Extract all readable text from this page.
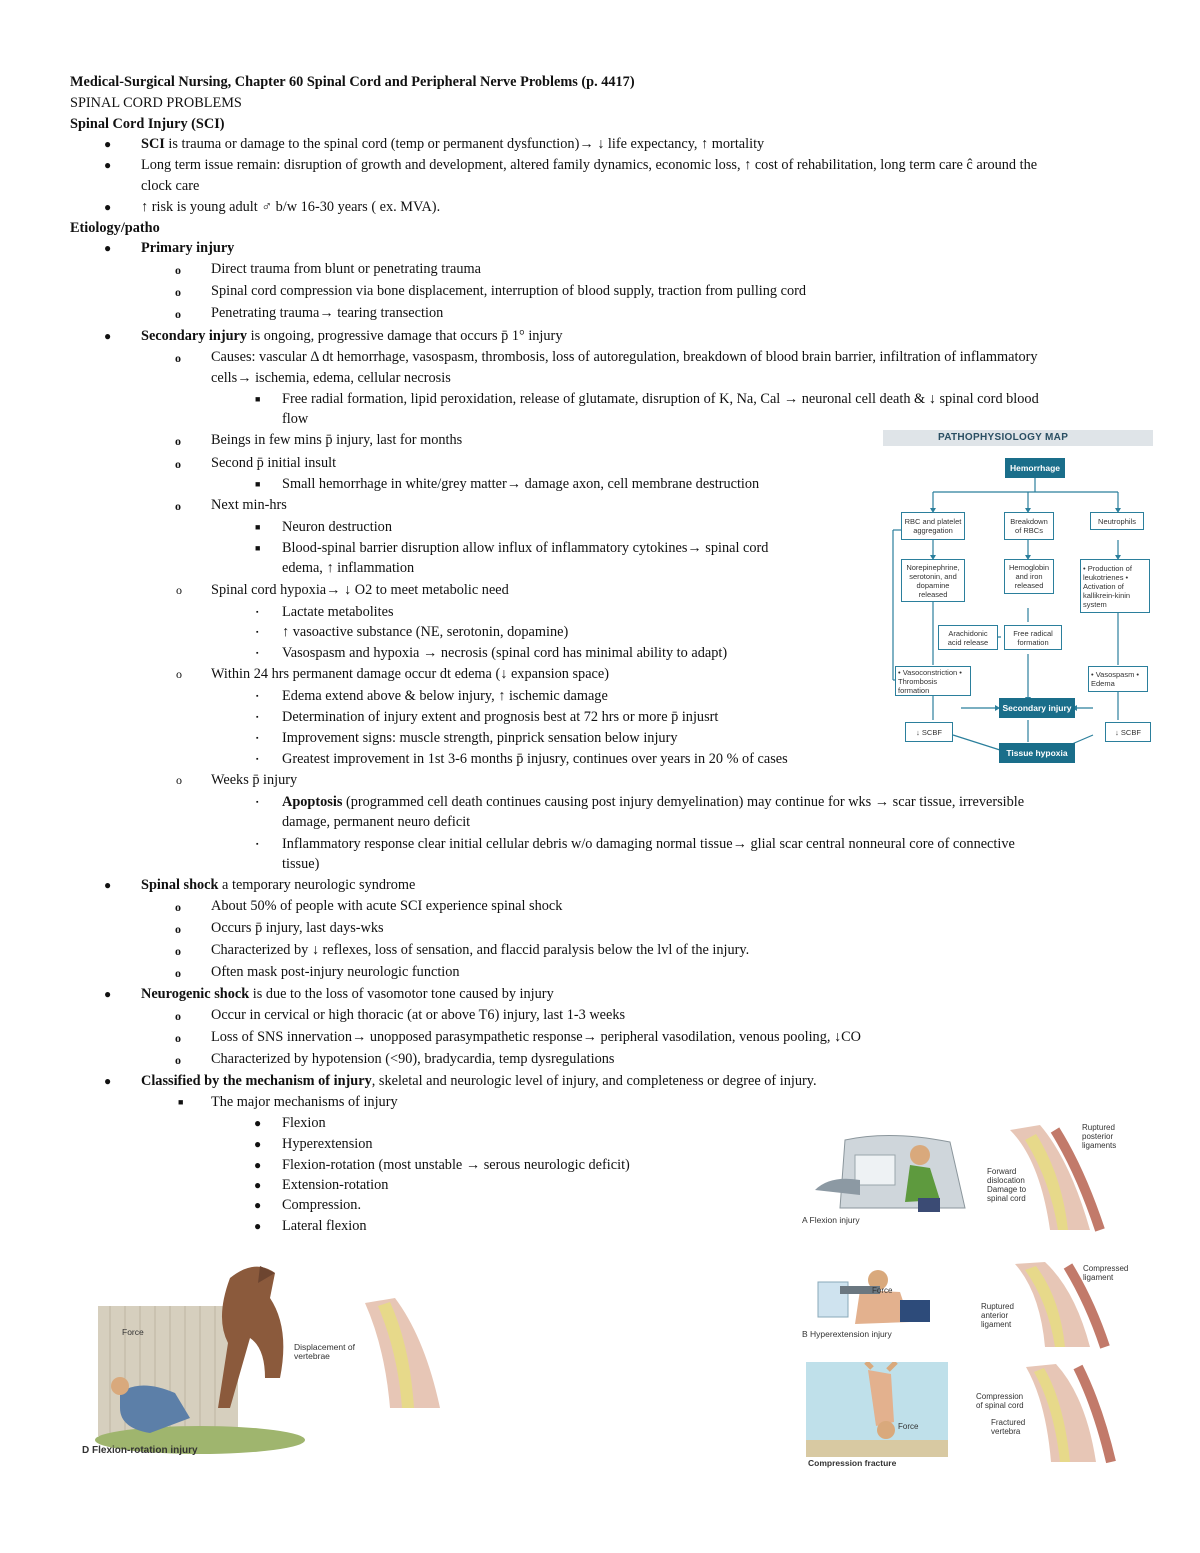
Medical-Surgical Nursing, Chapter 60 Spinal Cord and Peripheral Nerve Problems (p. 4417)
SPINAL CORD PROBLEMS
Spinal Cord Injury (SCI)
● SCI is trauma or damage to the spinal cord (temp or permanent dysfunction)→ ↓ life expectancy, ↑ mortality
● Long term issue remain: disruption of growth and development, altered family dynamics, economic loss, ↑ cost of rehabilitation, long term care ĉ around the
clock care
● ↑ risk is young adult ♂ b/w 16-30 years ( ex. MVA).
Etiology/patho
● Primary injury
o Direct trauma from blunt or penetrating trauma
o Spinal cord compression via bone displacement, interruption of blood supply, traction from pulling cord
o Penetrating trauma→ tearing transection
● Secondary injury is ongoing, progressive damage that occurs p̄ 1° injury
o Causes: vascular Δ dt hemorrhage, vasospasm, thrombosis, loss of autoregulation, breakdown of blood brain barrier, infiltration of inflammatory
cells→ ischemia, edema, cellular necrosis
■ Free radial formation, lipid peroxidation, release of glutamate, disruption of K, Na, Cal → neuronal cell death & ↓ spinal cord blood
flow
o Beings in few mins p̄ injury, last for months
o Second p̄ initial insult
■ Small hemorrhage in white/grey matter→ damage axon, cell membrane destruction
o Next min-hrs
■ Neuron destruction
■ Blood-spinal barrier disruption allow influx of inflammatory cytokines→ spinal cord
edema, ↑ inflammation
o Spinal cord hypoxia→ ↓ O2 to meet metabolic need
▪ Lactate metabolites
▪ ↑ vasoactive substance (NE, serotonin, dopamine)
▪ Vasospasm and hypoxia → necrosis (spinal cord has minimal ability to adapt)
o Within 24 hrs permanent damage occur dt edema (↓ expansion space)
▪ Edema extend above & below injury, ↑ ischemic damage
▪ Determination of injury extent and prognosis best at 72 hrs or more p̄ injusrt
▪ Improvement signs: muscle strength, pinprick sensation below injury
▪ Greatest improvement in 1st 3-6 months p̄ injusry, continues over years in 20 % of cases
o Weeks p̄ injury
▪ Apoptosis (programmed cell death continues causing post injury demyelination) may continue for wks → scar tissue, irreversible
damage, permanent neuro deficit
▪ Inflammatory response clear initial cellular debris w/o damaging normal tissue→ glial scar central nonneural core of connective
tissue)
● Spinal shock a temporary neurologic syndrome
o About 50% of people with acute SCI experience spinal shock
o Occurs p̄ injury, last days-wks
o Characterized by ↓ reflexes, loss of sensation, and flaccid paralysis below the lvl of the injury.
o Often mask post-injury neurologic function
● Neurogenic shock is due to the loss of vasomotor tone caused by injury
o Occur in cervical or high thoracic (at or above T6) injury, last 1-3 weeks
o Loss of SNS innervation→ unopposed parasympathetic response→ peripheral vasodilation, venous pooling, ↓CO
o Characterized by hypotension (<90), bradycardia, temp dysregulations
● Classified by the mechanism of injury, skeletal and neurologic level of injury, and completeness or degree of injury.
■ The major mechanisms of injury
● Flexion
● Hyperextension
● Flexion-rotation (most unstable → serous neurologic deficit)
● Extension-rotation
● Compression.
● Lateral flexion
PATHOPHYSIOLOGY MAP
Hemorrhage
RBC and platelet aggregation
Breakdown of RBCs
Neutrophils
Norepinephrine, serotonin, and dopamine released
Hemoglobin and iron released
• Production of leukotrienes • Activation of kallikrein-kinin system
Arachidonic acid release
Free radical formation
• Vasoconstriction • Thrombosis formation
• Vasospasm • Edema
Secondary injury
↓ SCBF	↓ SCBF
Tissue hypoxia
Ruptured posterior ligaments
Forward dislocation Damage to spinal cord
A Flexion injury
Force
Compressed ligament
Ruptured anterior ligament
B Hyperextension injury
Force
Compression of spinal cord
Fractured vertebra
Compression fracture
Force
Displacement of vertebrae
D Flexion-rotation injury
